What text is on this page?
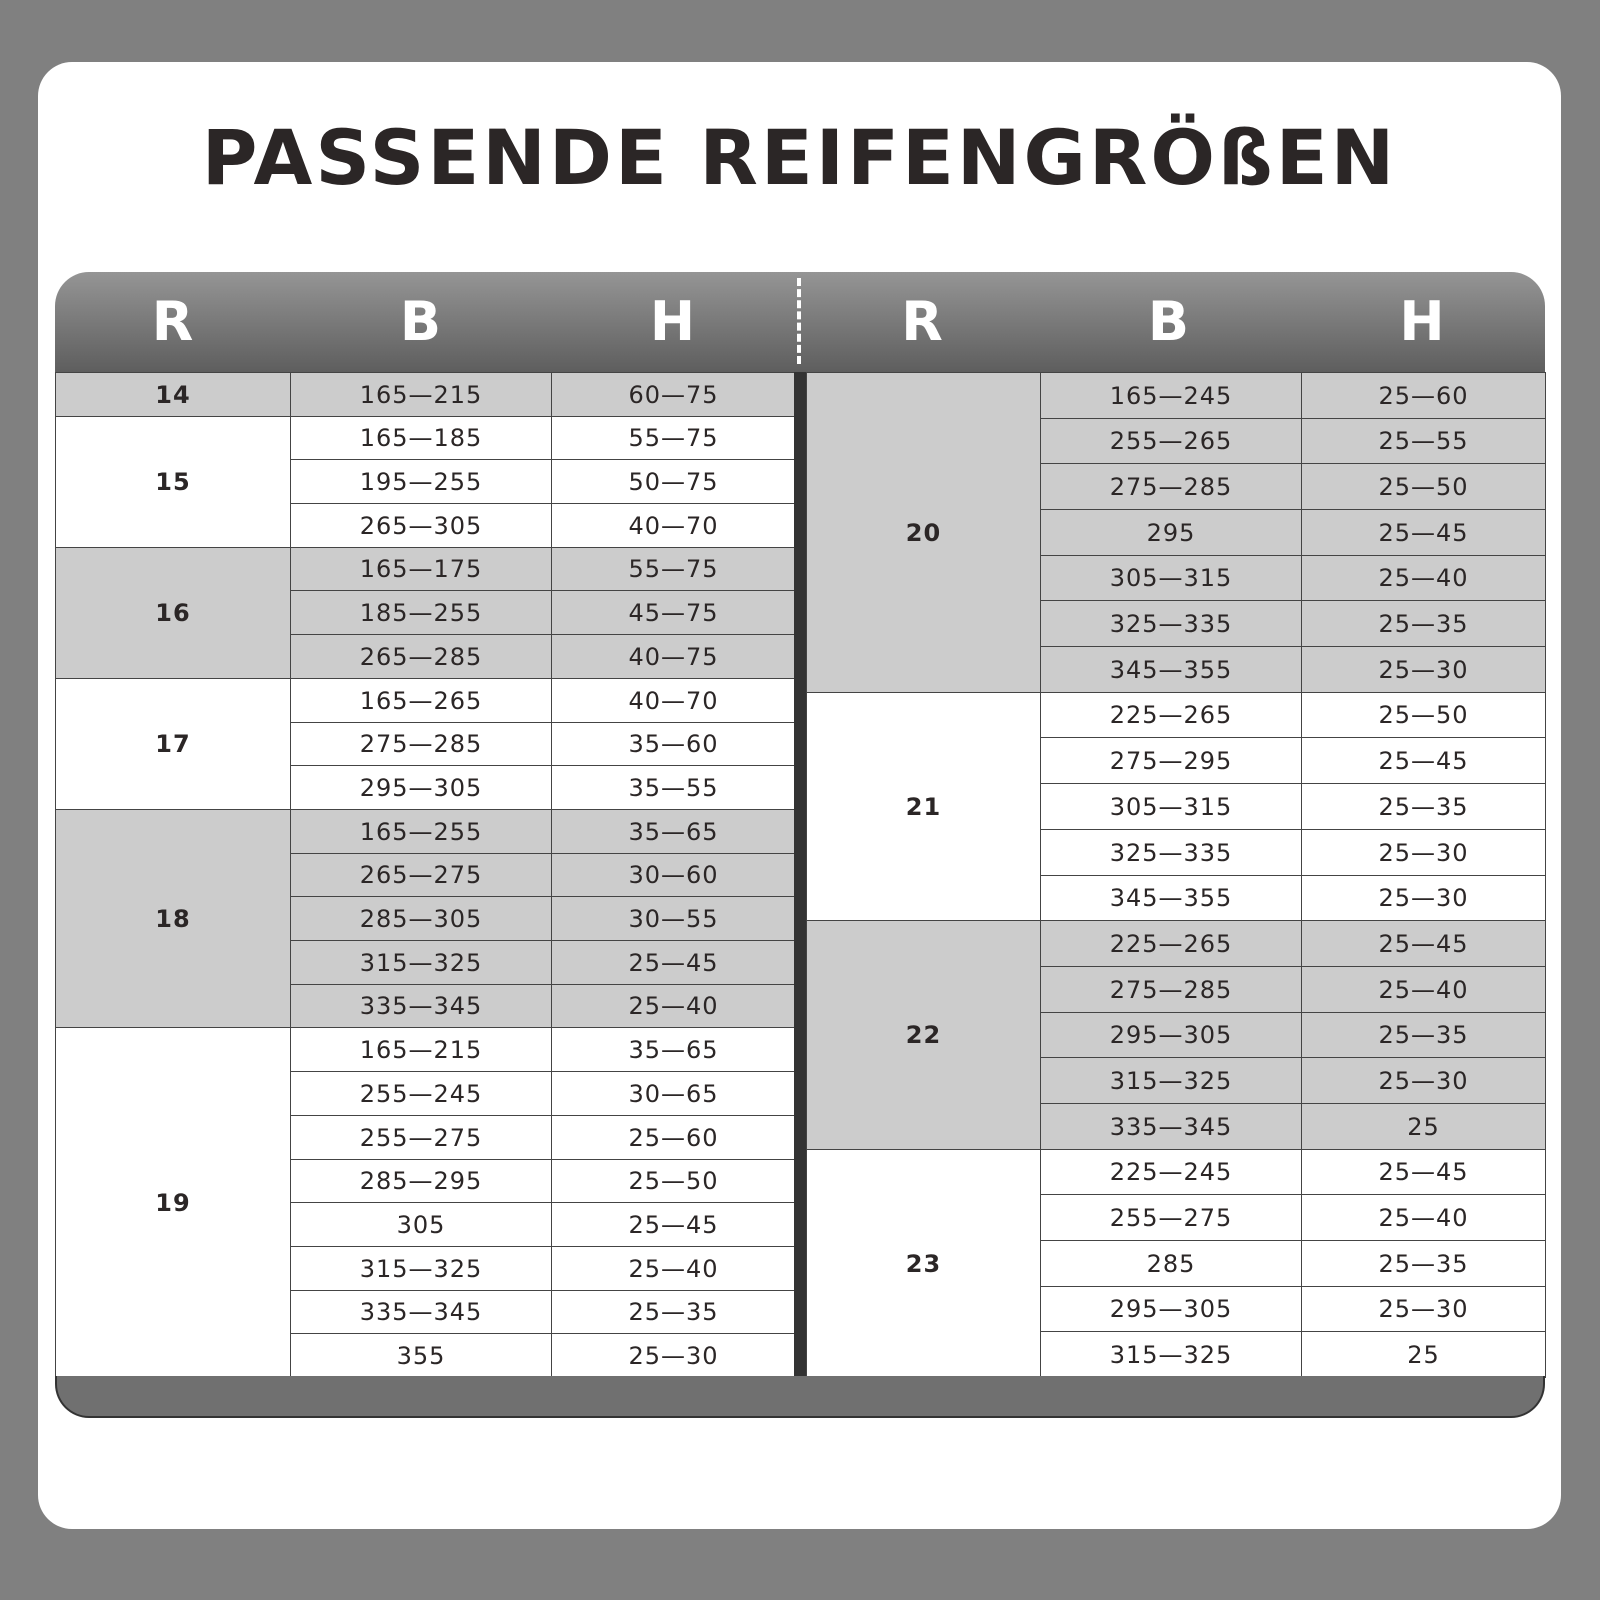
PASSENDE REIFENGRÖßEN
R	B	H	R	B	H
14	165—215	60—75
15
165—185	55—75
195—255	50—75
265—305	40—70
16
165—175	55—75
185—255	45—75
265—285	40—75
17
165—265	40—70
275—285	35—60
295—305	35—55
18
165—255	35—65
265—275	30—60
285—305	30—55
315—325	25—45
335—345	25—40
19
165—215	35—65
255—245	30—65
255—275	25—60
285—295	25—50
305	25—45
315—325	25—40
335—345	25—35
355	25—30
20
165—245	25—60
255—265	25—55
275—285	25—50
295	25—45
305—315	25—40
325—335	25—35
345—355	25—30
21
225—265	25—50
275—295	25—45
305—315	25—35
325—335	25—30
345—355	25—30
22
225—265	25—45
275—285	25—40
295—305	25—35
315—325	25—30
335—345	25
23
225—245	25—45
255—275	25—40
285	25—35
295—305	25—30
315—325	25
